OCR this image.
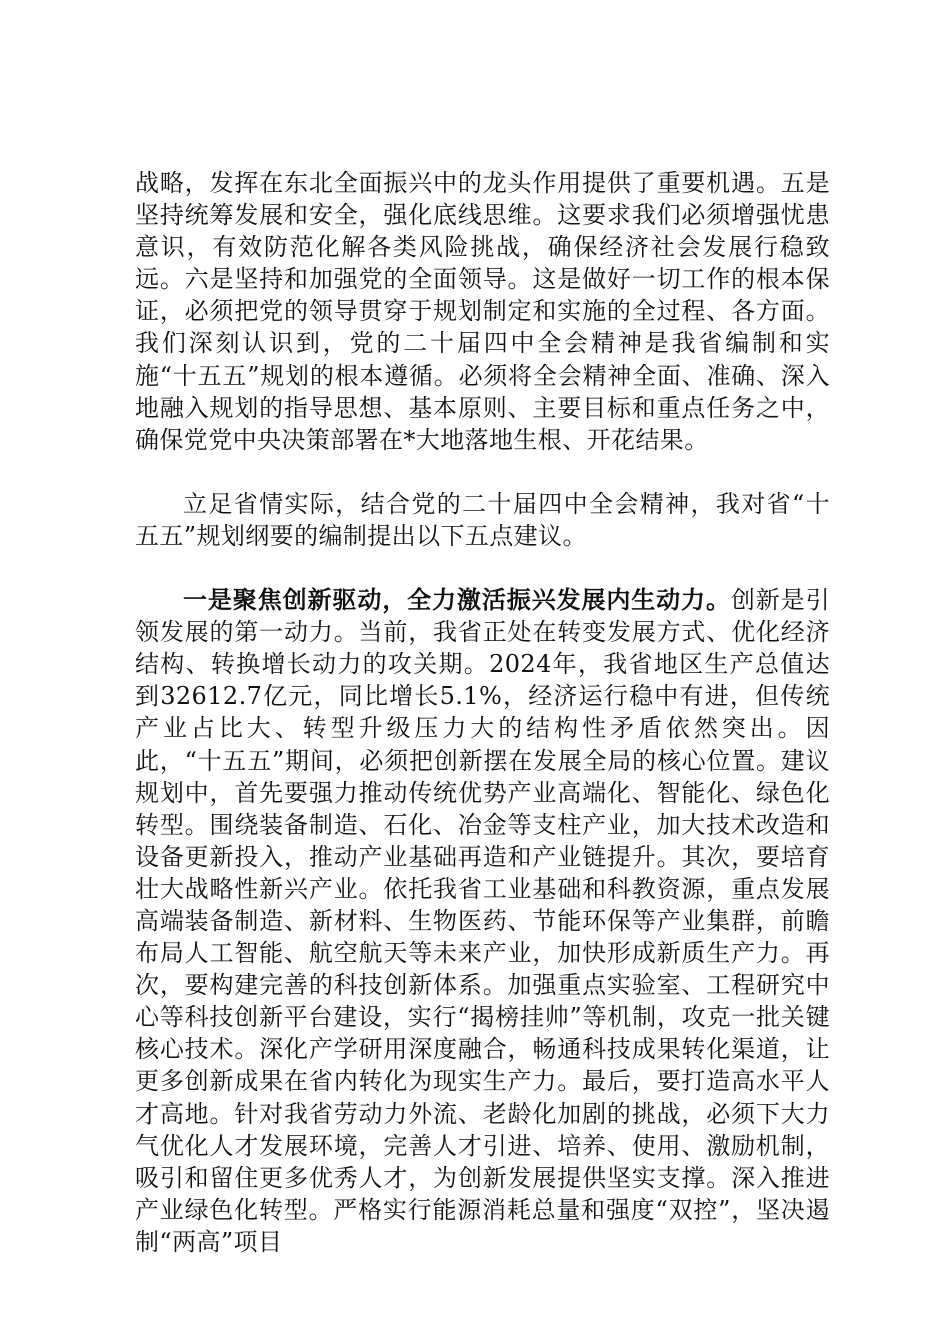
战略，发挥在东北全面振兴中的龙头作用提供了重要机遇。五是坚持统筹发展和安全，强化底线思维。这要求我们必须增强忧患意识，有效防范化解各类风险挑战，确保经济社会发展行稳致远。六是坚持和加强党的全面领导。这是做好一切工作的根本保证，必须把党的领导贯穿于规划制定和实施的全过程、各方面。我们深刻认识到，党的二十届四中全会精神是我省编制和实施“十五五”规划的根本遵循。必须将全会精神全面、准确、深入地融入规划的指导思想、基本原则、主要目标和重点任务之中，确保党党中央决策部署在*大地落地生根、开花结果。

立足省情实际，结合党的二十届四中全会精神，我对省“十五五”规划纲要的编制提出以下五点建议。

一是聚焦创新驱动，全力激活振兴发展内生动力。创新是引领发展的第一动力。当前，我省正处在转变发展方式、优化经济结构、转换增长动力的攻关期。2024年，我省地区生产总值达到32612.7亿元，同比增长5.1%，经济运行稳中有进，但传统产业占比大、转型升级压力大的结构性矛盾依然突出。因此，“十五五”期间，必须把创新摆在发展全局的核心位置。建议规划中，首先要强力推动传统优势产业高端化、智能化、绿色化转型。围绕装备制造、石化、冶金等支柱产业，加大技术改造和设备更新投入，推动产业基础再造和产业链提升。其次，要培育壮大战略性新兴产业。依托我省工业基础和科教资源，重点发展高端装备制造、新材料、生物医药、节能环保等产业集群，前瞻布局人工智能、航空航天等未来产业，加快形成新质生产力。再次，要构建完善的科技创新体系。加强重点实验室、工程研究中心等科技创新平台建设，实行“揭榜挂帅”等机制，攻克一批关键核心技术。深化产学研用深度融合，畅通科技成果转化渠道，让更多创新成果在省内转化为现实生产力。最后，要打造高水平人才高地。针对我省劳动力外流、老龄化加剧的挑战，必须下大力气优化人才发展环境，完善人才引进、培养、使用、激励机制，吸引和留住更多优秀人才，为创新发展提供坚实支撑。深入推进产业绿色化转型。严格实行能源消耗总量和强度“双控”，坚决遏制“两高”项目
